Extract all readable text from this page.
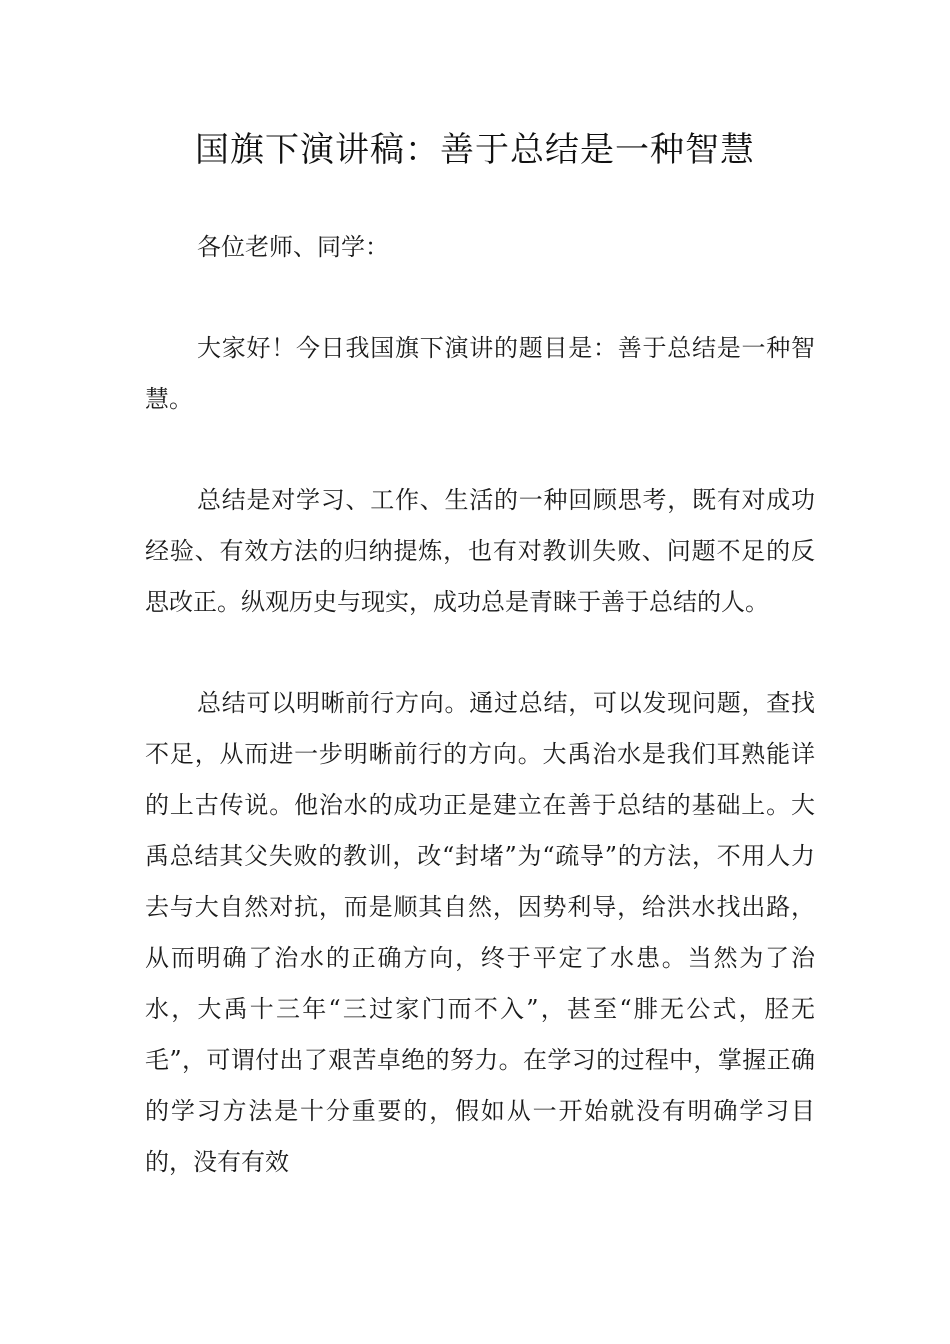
国旗下演讲稿：善于总结是一种智慧

各位老师、同学：

大家好！今日我国旗下演讲的题目是：善于总结是一种智慧。

总结是对学习、工作、生活的一种回顾思考，既有对成功经验、有效方法的归纳提炼，也有对教训失败、问题不足的反思改正。纵观历史与现实，成功总是青睐于善于总结的人。

总结可以明晰前行方向。通过总结，可以发现问题，查找不足，从而进一步明晰前行的方向。大禹治水是我们耳熟能详的上古传说。他治水的成功正是建立在善于总结的基础上。大禹总结其父失败的教训，改“封堵”为“疏导”的方法，不用人力去与大自然对抗，而是顺其自然，因势利导，给洪水找出路，从而明确了治水的正确方向，终于平定了水患。当然为了治水，大禹十三年“三过家门而不入”，甚至“腓无公式，胫无毛”，可谓付出了艰苦卓绝的努力。在学习的过程中，掌握正确的学习方法是十分重要的，假如从一开始就没有明确学习目的，没有有效
